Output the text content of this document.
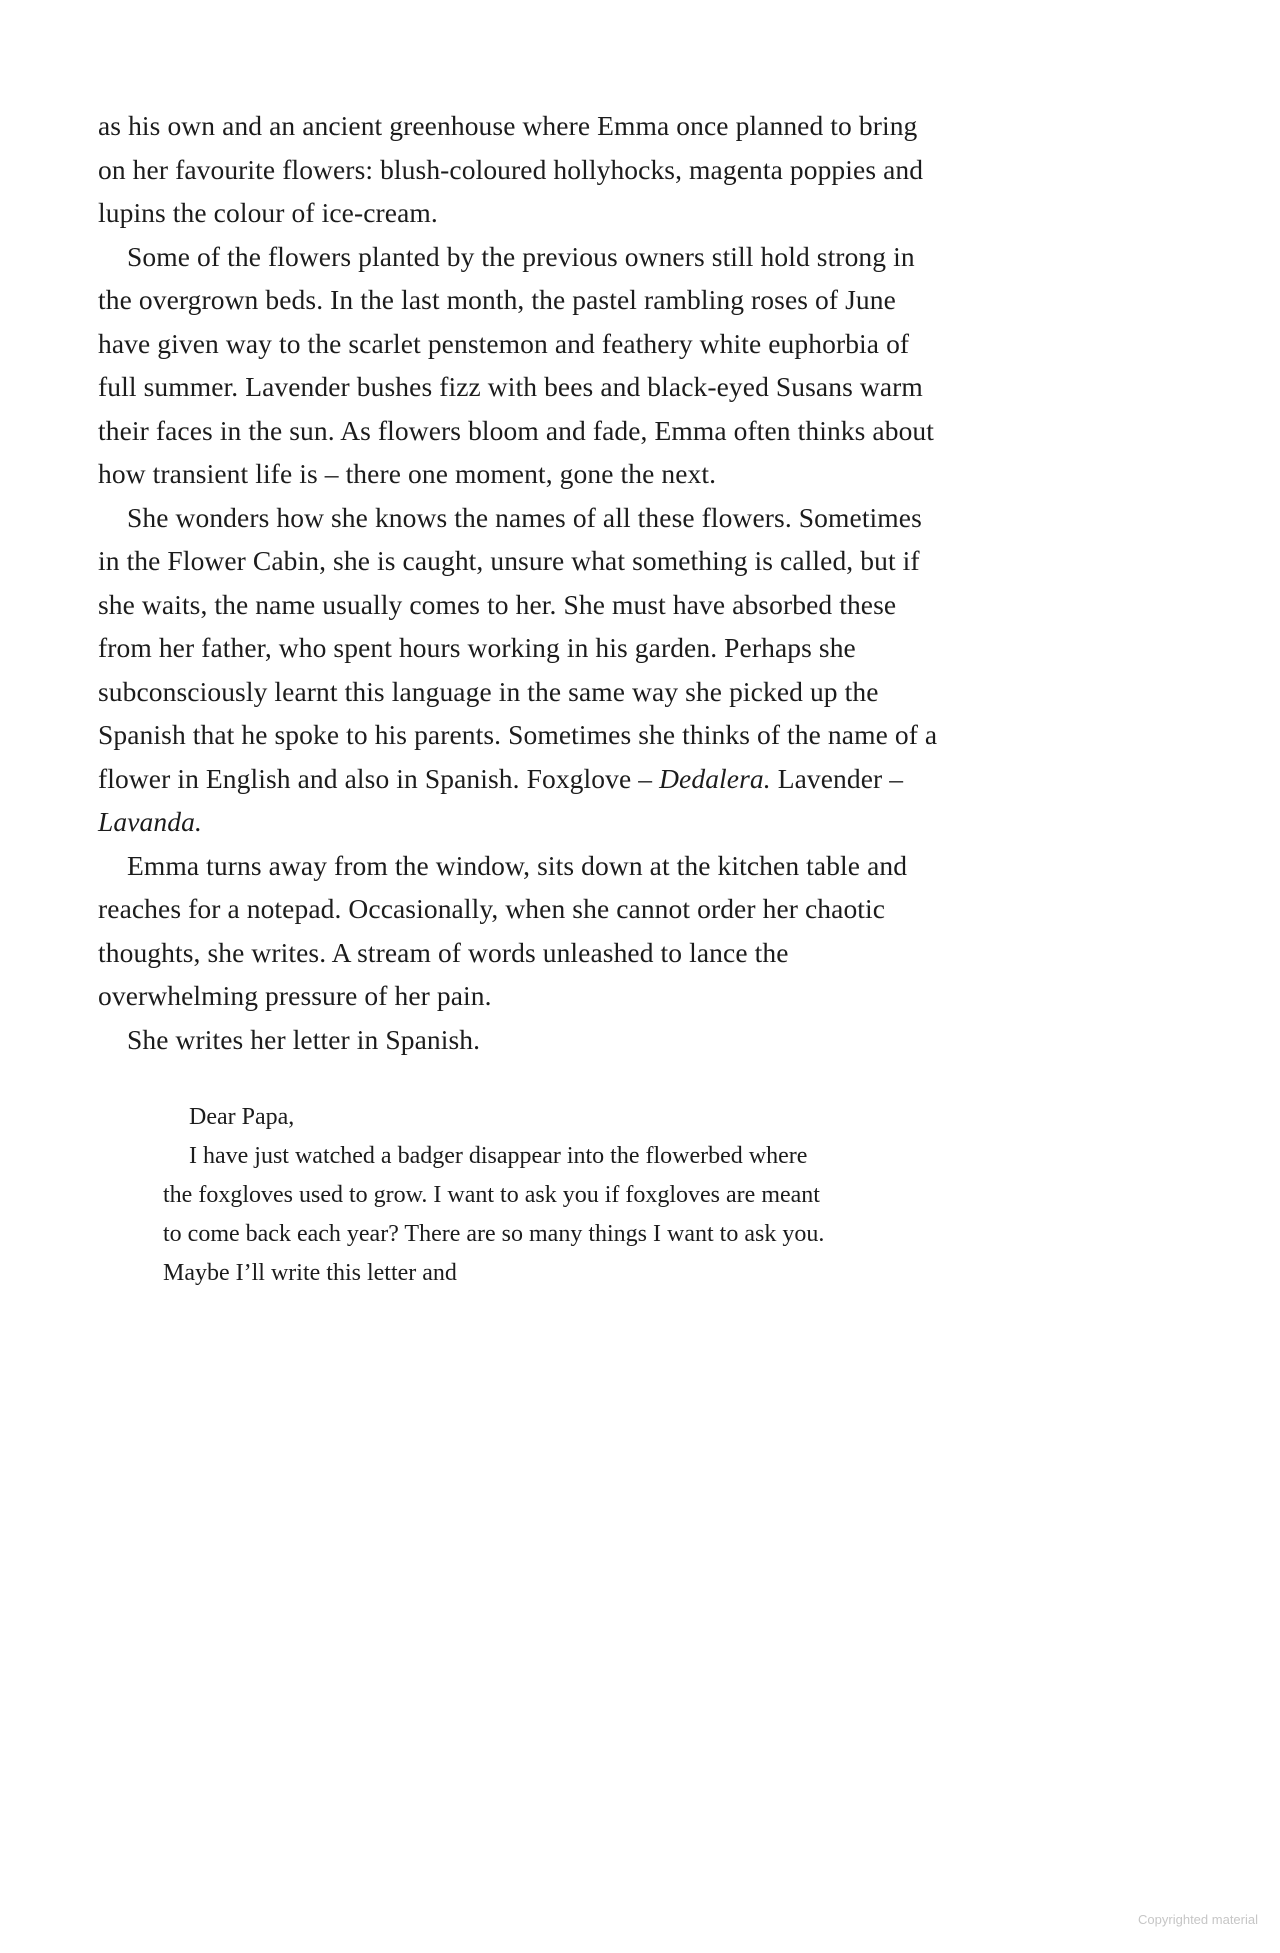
as his own and an ancient greenhouse where Emma once planned to bring on her favourite flowers: blush-coloured hollyhocks, magenta poppies and lupins the colour of ice-cream.

Some of the flowers planted by the previous owners still hold strong in the overgrown beds. In the last month, the pastel rambling roses of June have given way to the scarlet penstemon and feathery white euphorbia of full summer. Lavender bushes fizz with bees and black-eyed Susans warm their faces in the sun. As flowers bloom and fade, Emma often thinks about how transient life is – there one moment, gone the next.

She wonders how she knows the names of all these flowers. Sometimes in the Flower Cabin, she is caught, unsure what something is called, but if she waits, the name usually comes to her. She must have absorbed these from her father, who spent hours working in his garden. Perhaps she subconsciously learnt this language in the same way she picked up the Spanish that he spoke to his parents. Sometimes she thinks of the name of a flower in English and also in Spanish. Foxglove – Dedalera. Lavender – Lavanda.

Emma turns away from the window, sits down at the kitchen table and reaches for a notepad. Occasionally, when she cannot order her chaotic thoughts, she writes. A stream of words unleashed to lance the overwhelming pressure of her pain.

She writes her letter in Spanish.

Dear Papa,

I have just watched a badger disappear into the flowerbed where the foxgloves used to grow. I want to ask you if foxgloves are meant to come back each year? There are so many things I want to ask you. Maybe I’ll write this letter and

Copyrighted material
